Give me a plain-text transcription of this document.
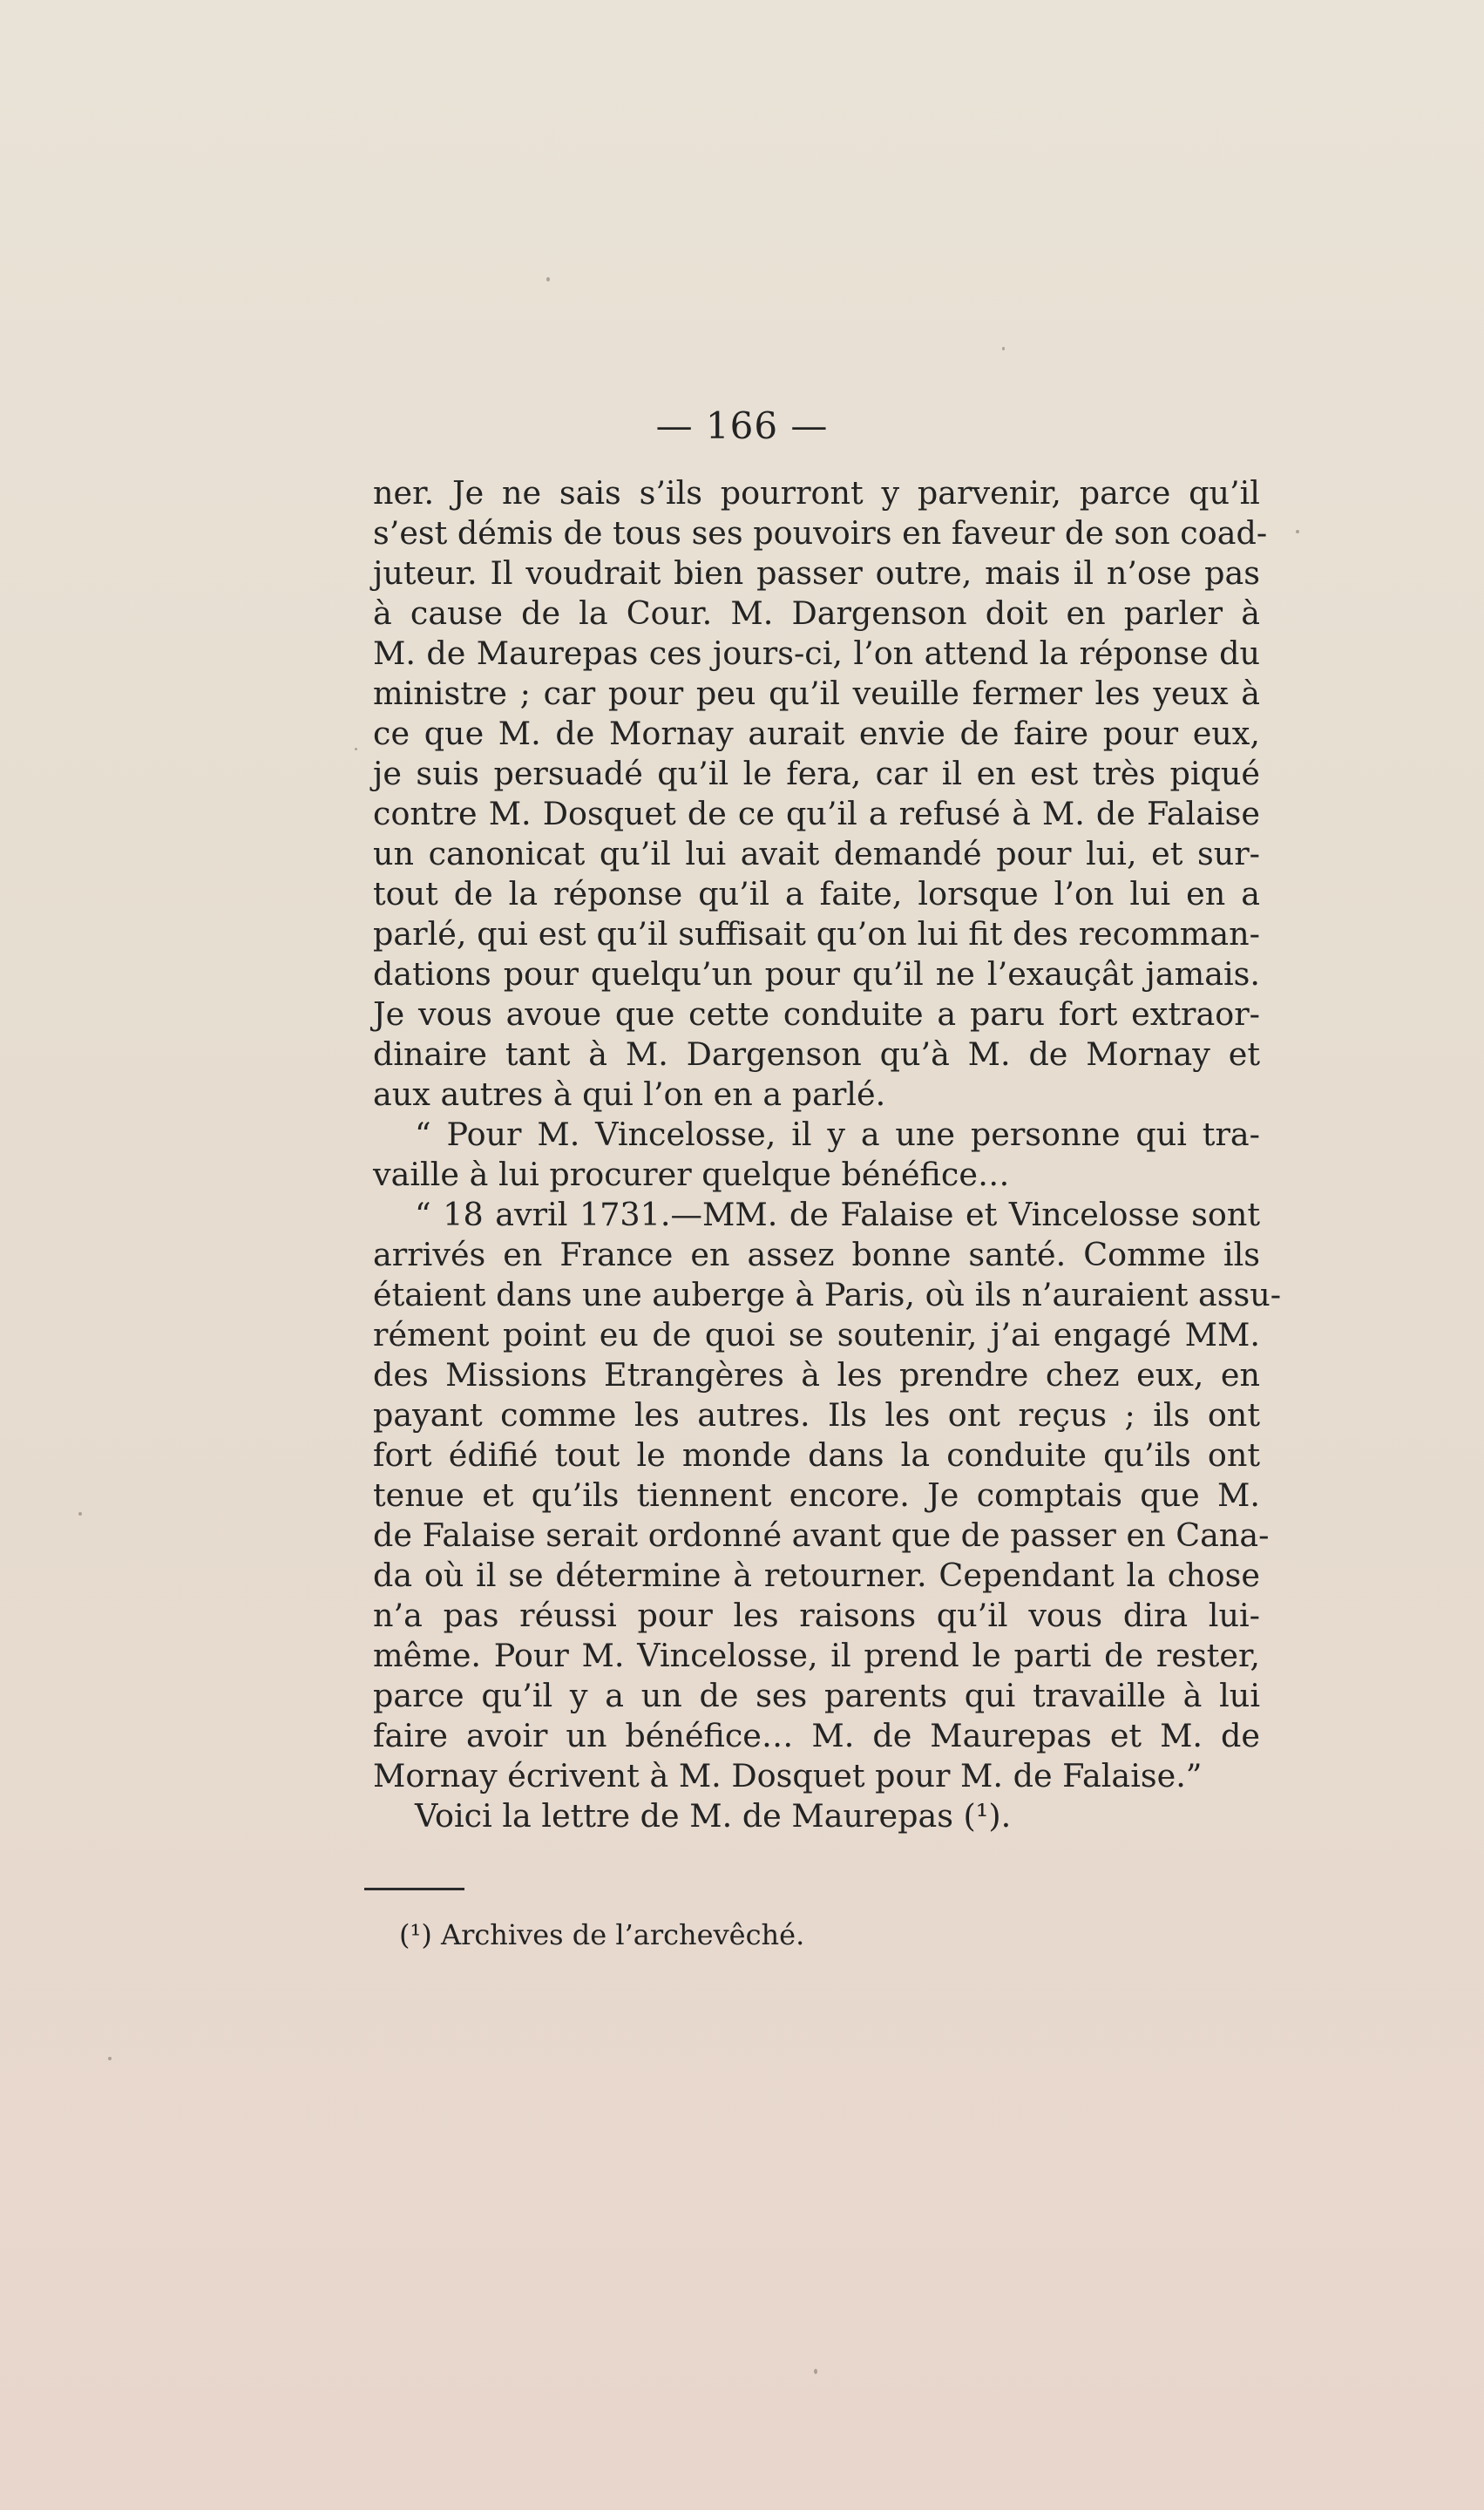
— 166 —
ner. Je ne sais s’ils pourront y parvenir, parce qu’il
s’est démis de tous ses pouvoirs en faveur de son coad-
juteur. Il voudrait bien passer outre, mais il n’ose pas
à cause de la Cour. M. Dargenson doit en parler à
M. de Maurepas ces jours-ci, l’on attend la réponse du
ministre ; car pour peu qu’il veuille fermer les yeux à
ce que M. de Mornay aurait envie de faire pour eux,
je suis persuadé qu’il le fera, car il en est très piqué
contre M. Dosquet de ce qu’il a refusé à M. de Falaise
un canonicat qu’il lui avait demandé pour lui, et sur-
tout de la réponse qu’il a faite, lorsque l’on lui en a
parlé, qui est qu’il suffisait qu’on lui fit des recomman-
dations pour quelqu’un pour qu’il ne l’exauçât jamais.
Je vous avoue que cette conduite a paru fort extraor-
dinaire tant à M. Dargenson qu’à M. de Mornay et
aux autres à qui l’on en a parlé.
“ Pour M. Vincelosse, il y a une personne qui tra-
vaille à lui procurer quelque bénéfice…
“ 18 avril 1731.—MM. de Falaise et Vincelosse sont
arrivés en France en assez bonne santé. Comme ils
étaient dans une auberge à Paris, où ils n’auraient assu-
rément point eu de quoi se soutenir, j’ai engagé MM.
des Missions Etrangères à les prendre chez eux, en
payant comme les autres. Ils les ont reçus ; ils ont
fort édifié tout le monde dans la conduite qu’ils ont
tenue et qu’ils tiennent encore. Je comptais que M.
de Falaise serait ordonné avant que de passer en Cana-
da où il se détermine à retourner. Cependant la chose
n’a pas réussi pour les raisons qu’il vous dira lui-
même. Pour M. Vincelosse, il prend le parti de rester,
parce qu’il y a un de ses parents qui travaille à lui
faire avoir un bénéfice… M. de Maurepas et M. de
Mornay écrivent à M. Dosquet pour M. de Falaise.”
Voici la lettre de M. de Maurepas (¹).
(¹) Archives de l’archevêché.
